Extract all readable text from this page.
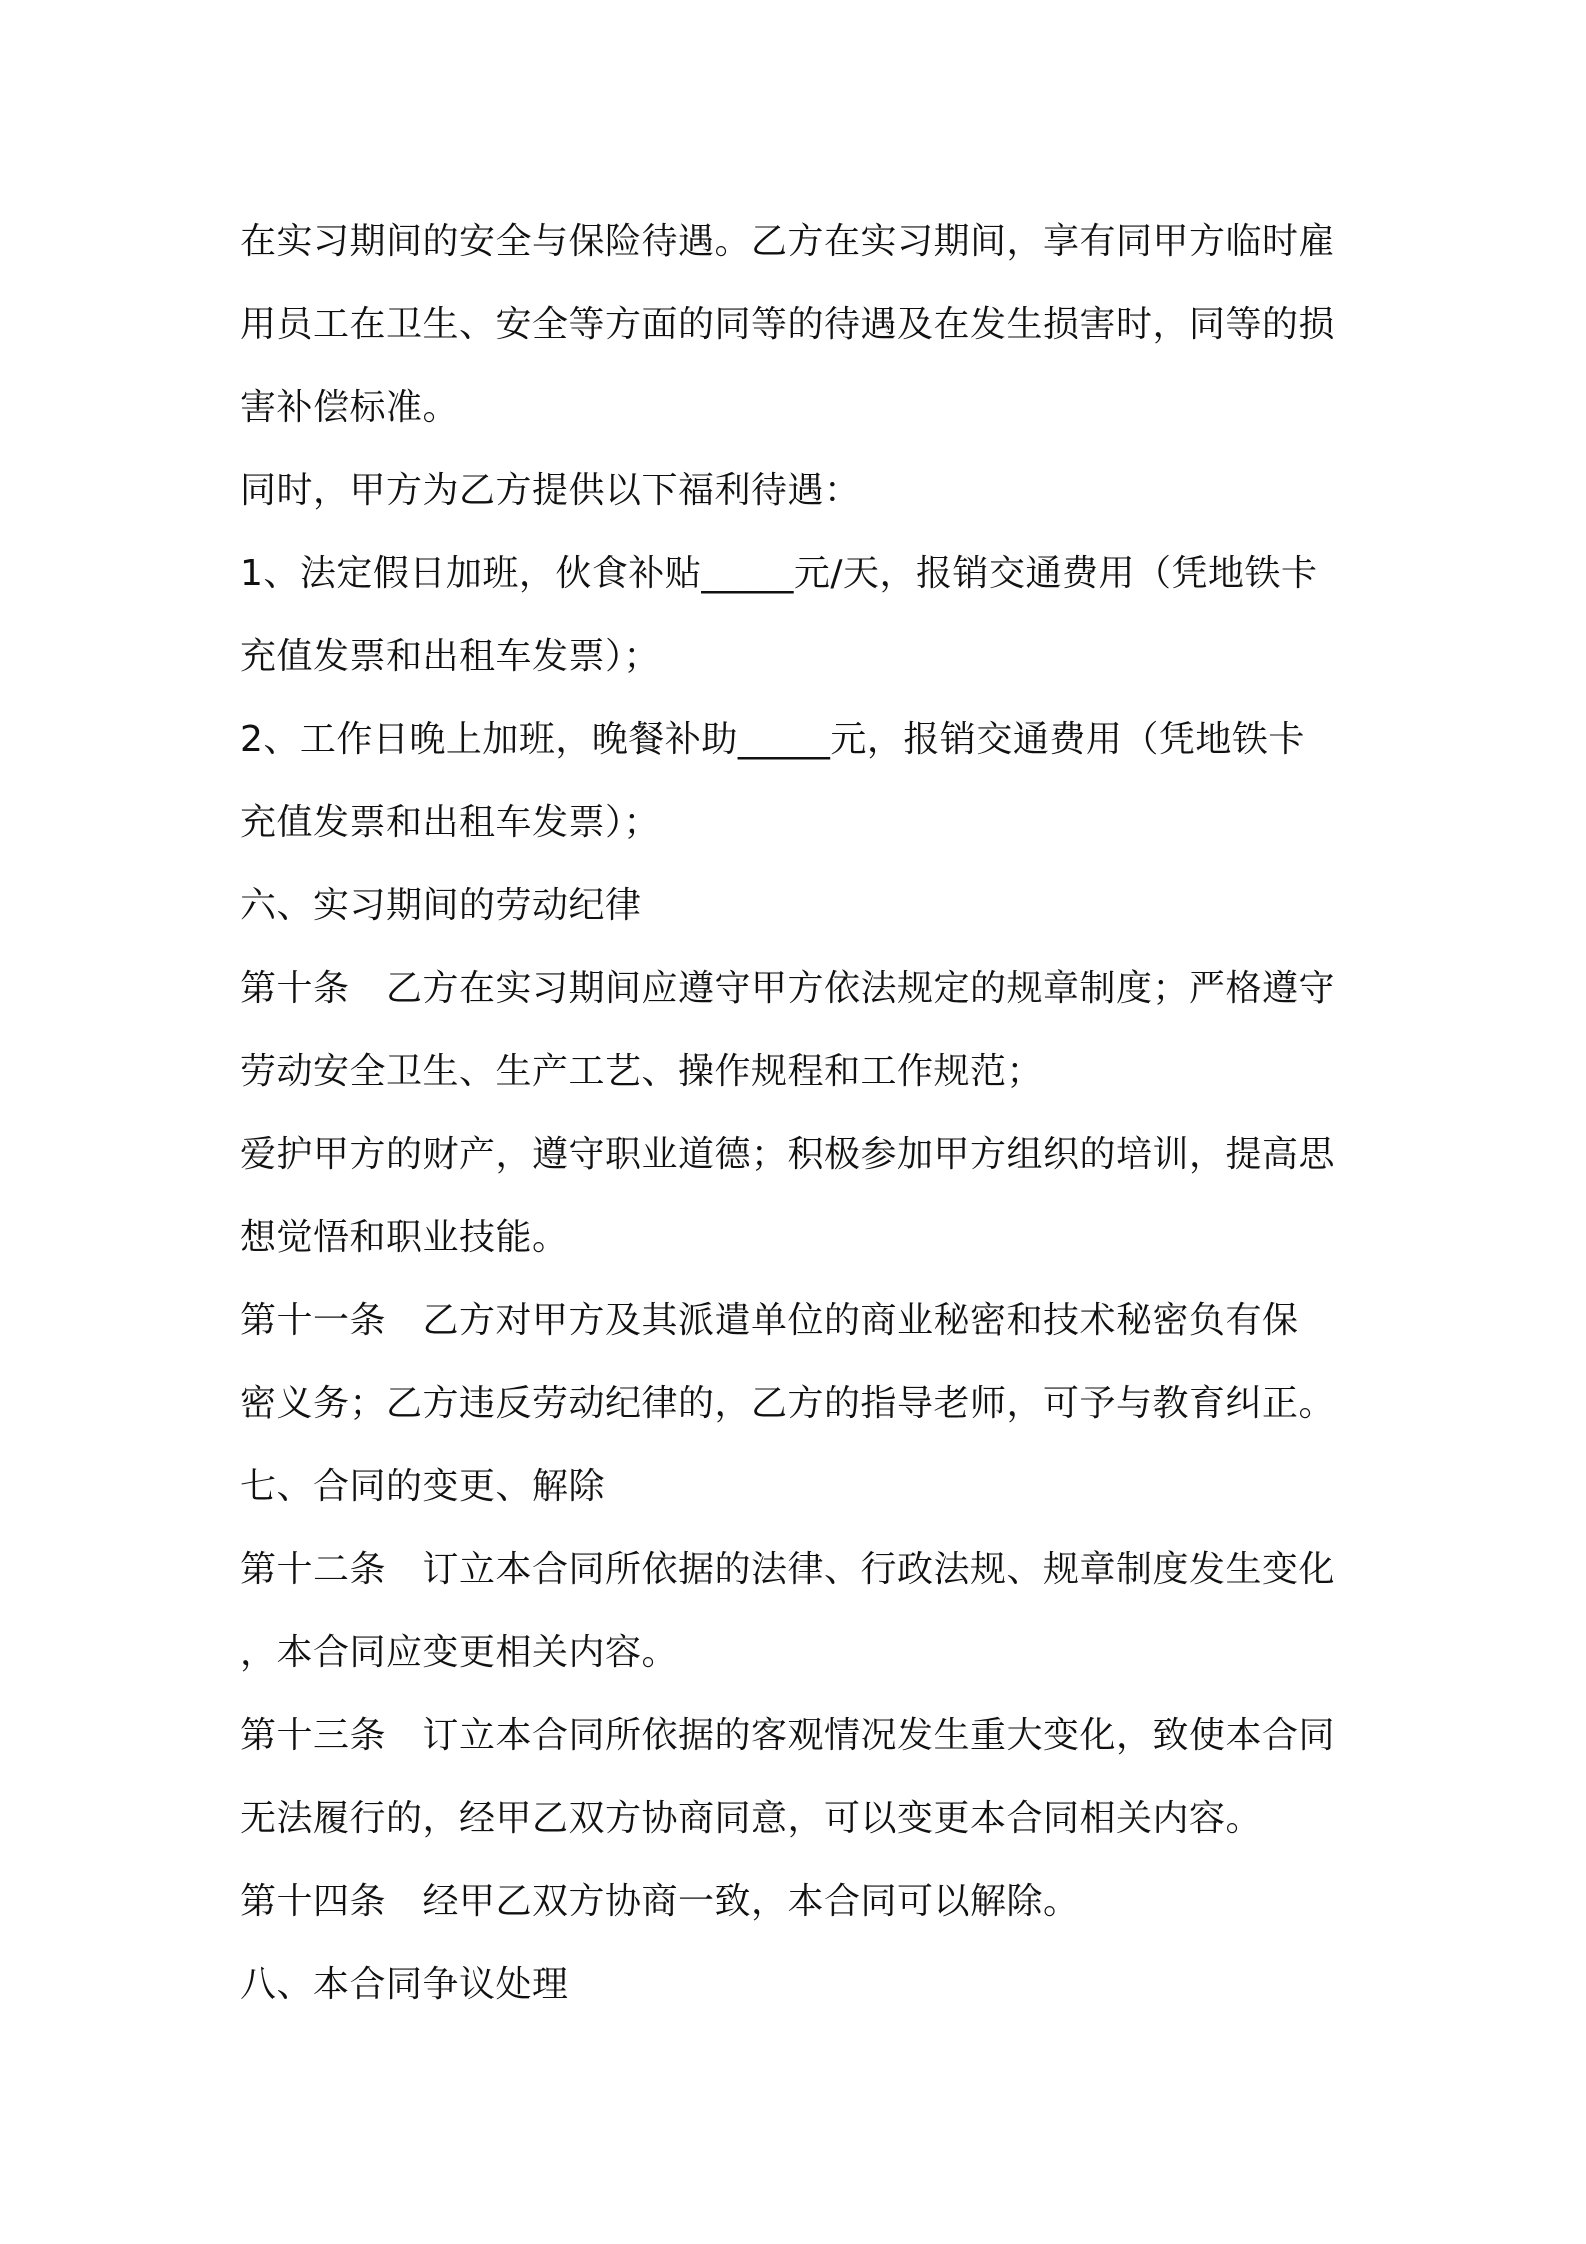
在实习期间的安全与保险待遇。乙方在实习期间，享有同甲方临时雇
用员工在卫生、安全等方面的同等的待遇及在发生损害时，同等的损
害补偿标准。
同时，甲方为乙方提供以下福利待遇：
1、法定假日加班，伙食补贴_____元/天，报销交通费用（凭地铁卡
充值发票和出租车发票）；
2、工作日晚上加班，晚餐补助_____元，报销交通费用（凭地铁卡
充值发票和出租车发票）；
六、实习期间的劳动纪律
第十条　乙方在实习期间应遵守甲方依法规定的规章制度；严格遵守
劳动安全卫生、生产工艺、操作规程和工作规范；
爱护甲方的财产，遵守职业道德；积极参加甲方组织的培训，提高思
想觉悟和职业技能。
第十一条　乙方对甲方及其派遣单位的商业秘密和技术秘密负有保
密义务；乙方违反劳动纪律的，乙方的指导老师，可予与教育纠正。
七、合同的变更、解除
第十二条　订立本合同所依据的法律、行政法规、规章制度发生变化
，本合同应变更相关内容。
第十三条　订立本合同所依据的客观情况发生重大变化，致使本合同
无法履行的，经甲乙双方协商同意，可以变更本合同相关内容。
第十四条　经甲乙双方协商一致，本合同可以解除。
八、本合同争议处理
